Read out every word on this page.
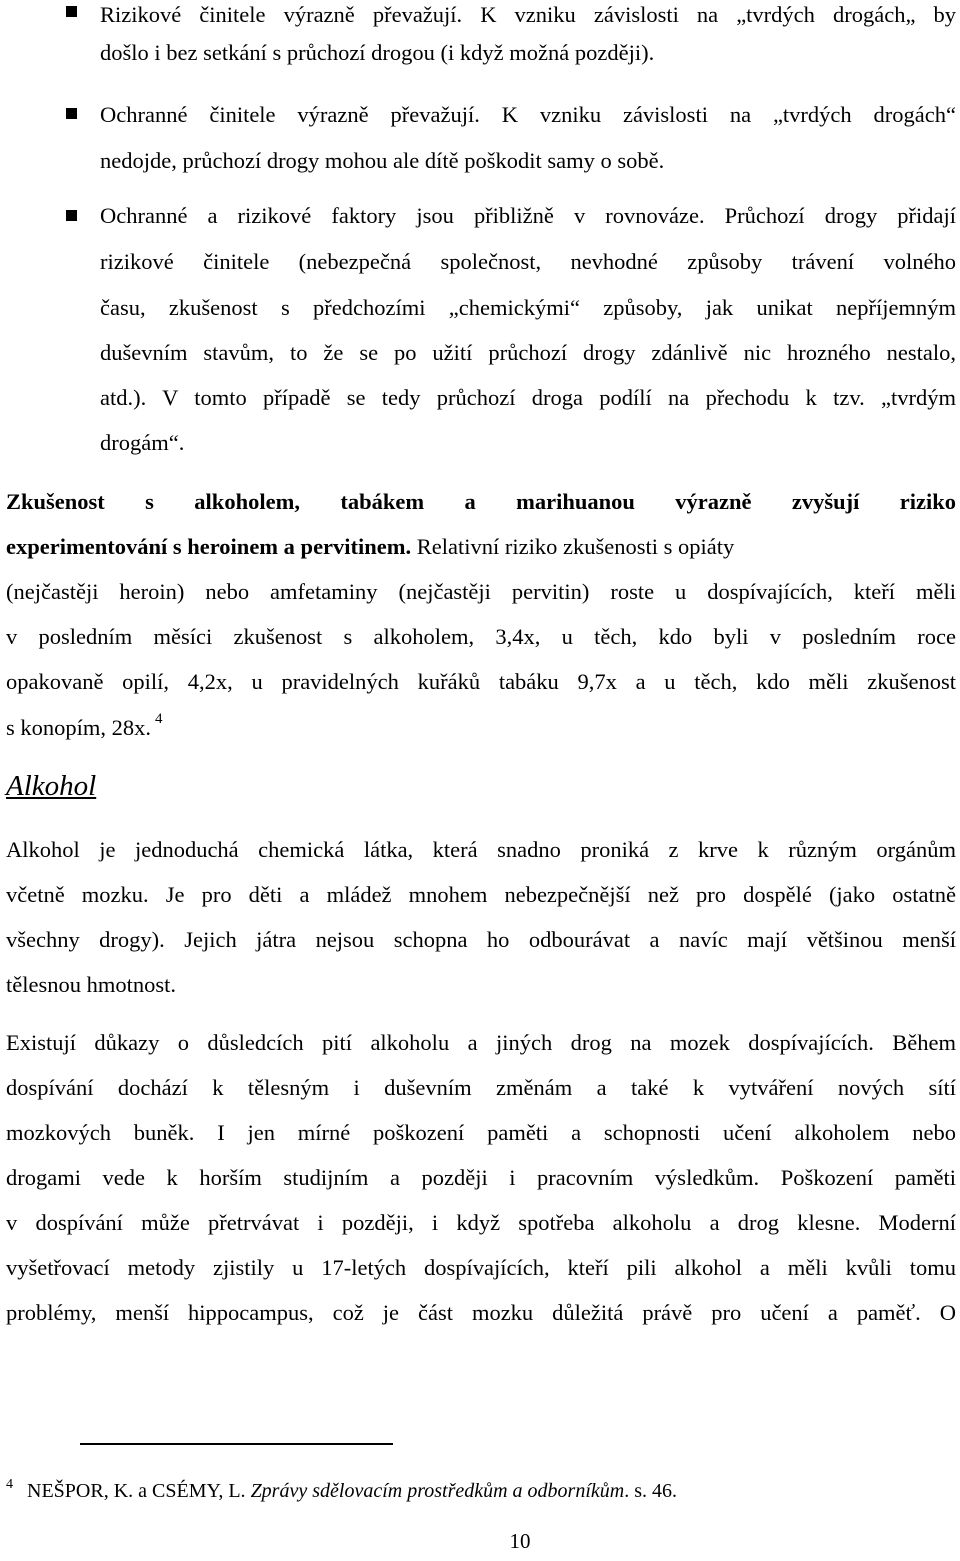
Rizikové činitele výrazně převažují. K vzniku závislosti na „tvrdých drogách„ by
došlo i bez setkání s průchozí drogou (i když možná později).
Ochranné činitele výrazně převažují. K vzniku závislosti na „tvrdých drogách“
nedojde, průchozí drogy mohou ale dítě poškodit samy o sobě.
Ochranné a rizikové faktory jsou přibližně v rovnováze. Průchozí drogy přidají
rizikové činitele (nebezpečná společnost, nevhodné způsoby trávení volného
času, zkušenost s předchozími „chemickými“ způsoby, jak unikat nepříjemným
duševním stavům, to že se po užití průchozí drogy zdánlivě nic hrozného nestalo,
atd.). V tomto případě se tedy průchozí droga podílí na přechodu k tzv. „tvrdým
drogám“.
Zkušenost s alkoholem, tabákem a marihuanou výrazně zvyšují riziko
experimentování s heroinem a pervitinem. Relativní riziko zkušenosti s opiáty
(nejčastěji heroin) nebo amfetaminy (nejčastěji pervitin) roste u dospívajících, kteří měli
v posledním měsíci zkušenost s alkoholem, 3,4x, u těch, kdo byli v posledním roce
opakovaně opilí, 4,2x, u pravidelných kuřáků tabáku 9,7x a u těch, kdo měli zkušenost
s konopím, 28x. $^4$
Alkohol
Alkohol je jednoduchá chemická látka, která snadno proniká z krve k různým orgánům
včetně mozku. Je pro děti a mládež mnohem nebezpečnější než pro dospělé (jako ostatně
všechny drogy). Jejich játra nejsou schopna ho odbourávat a navíc mají většinou menší
tělesnou hmotnost.
Existují důkazy o důsledcích pití alkoholu a jiných drog na mozek dospívajících. Během
dospívání dochází k tělesným i duševním změnám a také k vytváření nových sítí
mozkových buněk. I jen mírné poškození paměti a schopnosti učení alkoholem nebo
drogami vede k horším studijním a později i pracovním výsledkům. Poškození paměti
v dospívání může přetrvávat i později, i když spotřeba alkoholu a drog klesne. Moderní
vyšetřovací metody zjistily u 17-letých dospívajících, kteří pili alkohol a měli kvůli tomu
problémy, menší hippocampus, což je část mozku důležitá právě pro učení a paměť. O
$^4$ NEŠPOR, K. a CSÉMY, L. Zprávy sdělovacím prostředkům a odborníkům. s. 46.
10
